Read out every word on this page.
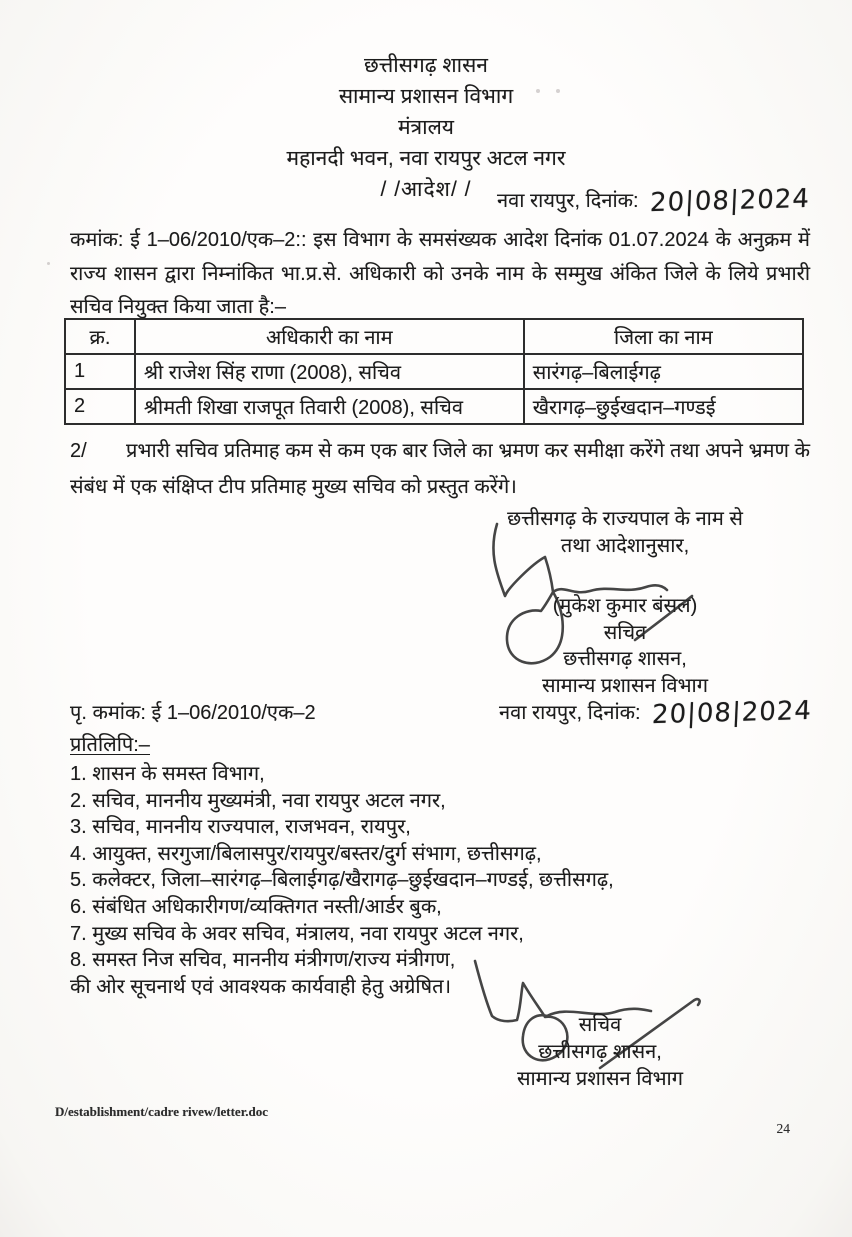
छत्तीसगढ़ शासन
सामान्य प्रशासन विभाग
मंत्रालय
महानदी भवन, नवा रायपुर अटल नगर
/ /आदेश/ /	नवा रायपुर, दिनांक: 20|08|2024
कमांक: ई 1–06/2010/एक–2:: इस विभाग के समसंख्यक आदेश दिनांक 01.07.2024 के अनुक्रम में राज्य शासन द्वारा निम्नांकित भा.प्र.से. अधिकारी को उनके नाम के सम्मुख अंकित जिले के लिये प्रभारी सचिव नियुक्त किया जाता है:–
क्र.	अधिकारी का नाम	जिला का नाम
1	श्री राजेश सिंह राणा (2008), सचिव	सारंगढ़–बिलाईगढ़
2	श्रीमती शिखा राजपूत तिवारी (2008), सचिव	खैरागढ़–छुईखदान–गण्डई
2/ प्रभारी सचिव प्रतिमाह कम से कम एक बार जिले का भ्रमण कर समीक्षा करेंगे तथा अपने भ्रमण के संबंध में एक संक्षिप्त टीप प्रतिमाह मुख्य सचिव को प्रस्तुत करेंगे।
छत्तीसगढ़ के राज्यपाल के नाम से
तथा आदेशानुसार,
(मुकेश कुमार बंसल)
सचिव
छत्तीसगढ़ शासन,
सामान्य प्रशासन विभाग
पृ. कमांक: ई 1–06/2010/एक–2	नवा रायपुर, दिनांक: 20|08|2024
प्रतिलिपि:–
1. शासन के समस्त विभाग,
2. सचिव, माननीय मुख्यमंत्री, नवा रायपुर अटल नगर,
3. सचिव, माननीय राज्यपाल, राजभवन, रायपुर,
4. आयुक्त, सरगुजा/बिलासपुर/रायपुर/बस्तर/दुर्ग संभाग, छत्तीसगढ़,
5. कलेक्टर, जिला–सारंगढ़–बिलाईगढ़/खैरागढ़–छुईखदान–गण्डई, छत्तीसगढ़,
6. संबंधित अधिकारीगण/व्यक्तिगत नस्ती/आर्डर बुक,
7. मुख्य सचिव के अवर सचिव, मंत्रालय, नवा रायपुर अटल नगर,
8. समस्त निज सचिव, माननीय मंत्रीगण/राज्य मंत्रीगण,
की ओर सूचनार्थ एवं आवश्यक कार्यवाही हेतु अग्रेषित।
सचिव
छत्तीसगढ़ शासन,
सामान्य प्रशासन विभाग
D/establishment/cadre rivew/letter.doc
24
